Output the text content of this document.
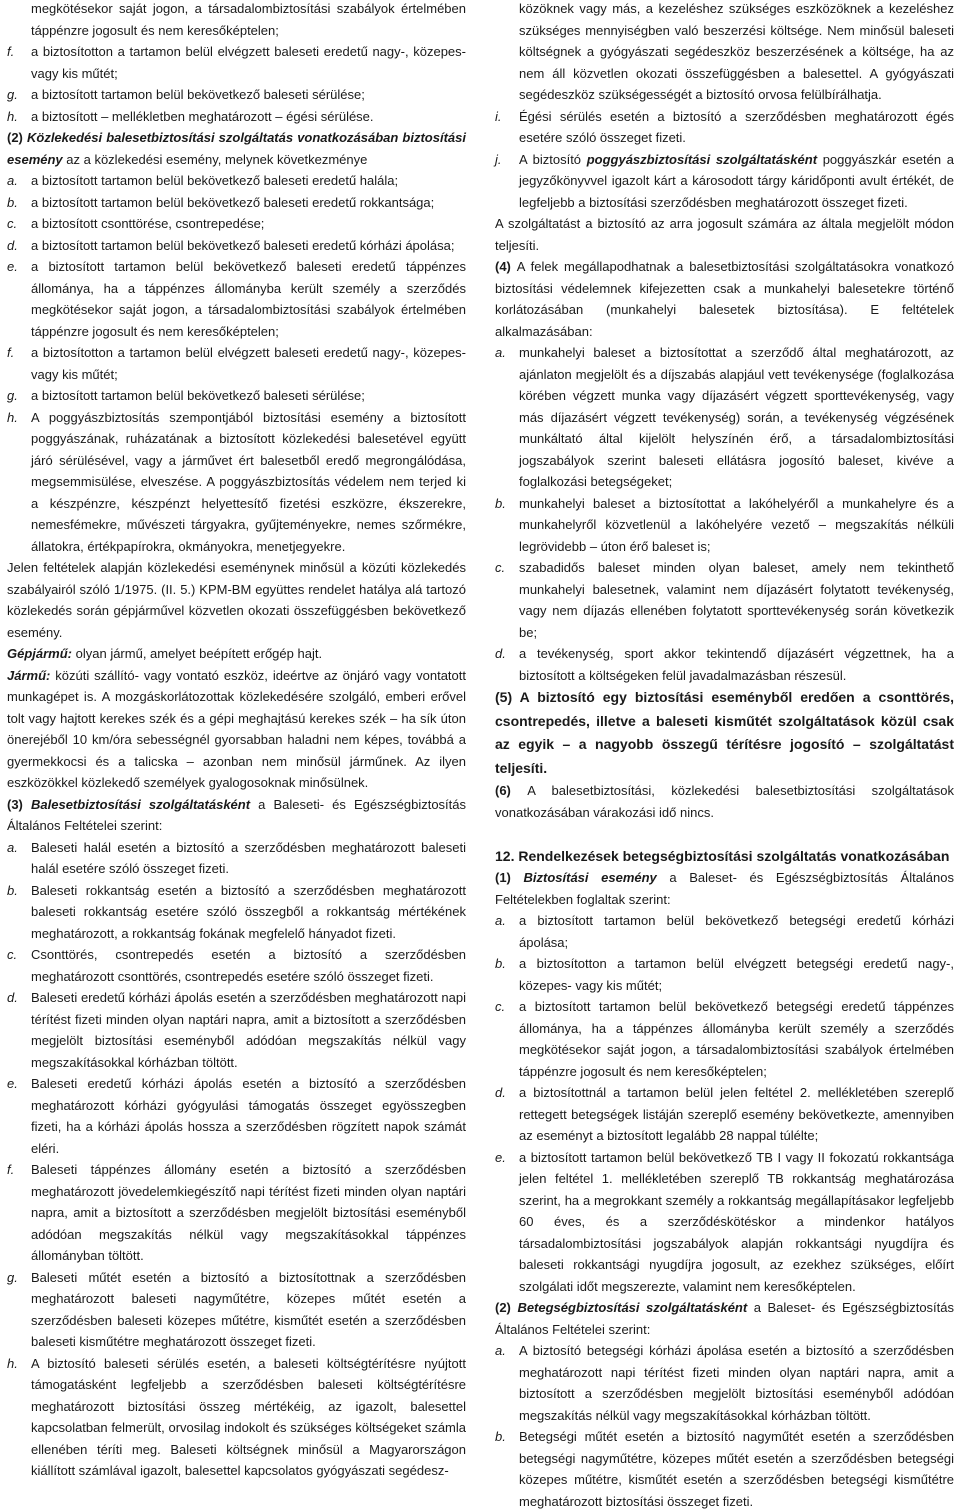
megkötésekor saját jogon, a társadalombiztosítási szabályok értelmében táppénzre jogosult és nem keresőképtelen;
f. a biztosítotton a tartamon belül elvégzett baleseti eredetű nagy-, közepes- vagy kis műtét;
g. a biztosított tartamon belül bekövetkező baleseti sérülése;
h. a biztosított – mellékletben meghatározott – égési sérülése.

(2) Közlekedési balesetbiztosítási szolgáltatás vonatkozásában biztosítási esemény az a közlekedési esemény, melynek következménye

a. a biztosított tartamon belül bekövetkező baleseti eredetű halála;
b. a biztosított tartamon belül bekövetkező baleseti eredetű rokkantsága;
c. a biztosított csonttörése, csontrepedése;
d. a biztosított tartamon belül bekövetkező baleseti eredetű kórházi ápolása;
e. a biztosított tartamon belül bekövetkező baleseti eredetű táppénzes állománya, ha a táppénzes állományba került személy a szerződés megkötésekor saját jogon, a társadalombiztosítási szabályok értelmében táppénzre jogosult és nem keresőképtelen;
f. a biztosítotton a tartamon belül elvégzett baleseti eredetű nagy-, közepes- vagy kis műtét;
g. a biztosított tartamon belül bekövetkező baleseti sérülése;
h. A poggyászbiztosítás szempontjából biztosítási esemény a biztosított poggyászának, ruházatának a biztosított közlekedési balesetével együtt járó sérülésével, vagy a járművet ért balesetből eredő megrongálódása, megsemmisülése, elveszése. A poggyászbiztosítás védelem nem terjed ki a készpénzre, készpénzt helyettesítő fizetési eszközre, ékszerekre, nemesfémekre, művészeti tárgyakra, gyűjteményekre, nemes szőrmékre, állatokra, értékpapírokra, okmányokra, menetjegyekre.

Jelen feltételek alapján közlekedési eseménynek minősül a közúti közlekedés szabályairól szóló 1/1975. (II. 5.) KPM-BM együttes rendelet hatálya alá tartozó közlekedés során gépjárművel közvetlen okozati összefüggésben bekövetkező esemény.

Gépjármű: olyan jármű, amelyet beépített erőgép hajt.

Jármű: közúti szállító- vagy vontató eszköz, ideértve az önjáró vagy vontatott munkagépet is. A mozgáskorlátozottak közlekedésére szolgáló, emberi erővel tolt vagy hajtott kerekes szék és a gépi meghajtású kerekes szék – ha sík úton önerejéből 10 km/óra sebességnél gyorsabban haladni nem képes, továbbá a gyermekkocsi és a talicska – azonban nem minősül járműnek. Az ilyen eszközökkel közlekedő személyek gyalogosoknak minősülnek.

(3) Balesetbiztosítási szolgáltatásként a Baleseti- és Egészségbiztosítás Általános Feltételei szerint:

a. Baleseti halál esetén a biztosító a szerződésben meghatározott baleseti halál esetére szóló összeget fizeti.
b. Baleseti rokkantság esetén a biztosító a szerződésben meghatározott baleseti rokkantság esetére szóló összegből a rokkantság mértékének meghatározott, a rokkantság fokának megfelelő hányadot fizeti.
c. Csonttörés, csontrepedés esetén a biztosító a szerződésben meghatározott csonttörés, csontrepedés esetére szóló összeget fizeti.
d. Baleseti eredetű kórházi ápolás esetén a szerződésben meghatározott napi térítést fizeti minden olyan naptári napra, amit a biztosított a szerződésben megjelölt biztosítási eseményből adódóan megszakítás nélkül vagy megszakításokkal kórházban töltött.
e. Baleseti eredetű kórházi ápolás esetén a biztosító a szerződésben meghatározott kórházi gyógyulási támogatás összeget egyösszegben fizeti, ha a kórházi ápolás hossza a szerződésben rögzített napok számát eléri.
f. Baleseti táppénzes állomány esetén a biztosító a szerződésben meghatározott jövedelemkiegészítő napi térítést fizeti minden olyan naptári napra, amit a biztosított a szerződésben megjelölt biztosítási eseményből adódóan megszakítás nélkül vagy megszakításokkal táppénzes állományban töltött.
g. Baleseti műtét esetén a biztosító a biztosítottnak a szerződésben meghatározott baleseti nagyműtétre, közepes műtét esetén a szerződésben baleseti közepes műtétre, kisműtét esetén a szerződésben baleseti kisműtétre meghatározott összeget fizeti.
h. A biztosító baleseti sérülés esetén, a baleseti költségtérítésre nyújtott támogatásként legfeljebb a szerződésben baleseti költségtérítésre meghatározott biztosítási összeg mértékéig, az igazolt, balesettel kapcsolatban felmerült, orvosilag indokolt és szükséges költségeket számla ellenében téríti meg. Baleseti költségnek minősül a Magyarországon kiállított számlával igazolt, balesettel kapcsolatos gyógyászati segédesz-
közöknek vagy más, a kezeléshez szükséges eszközöknek a kezeléshez szükséges mennyiségben való beszerzési költsége. Nem minősül baleseti költségnek a gyógyászati segédeszköz beszerzésének a költsége, ha az nem áll közvetlen okozati összefüggésben a balesettel. A gyógyászati segédeszköz szükségességét a biztosító orvosa felülbírálhatja.
i. Égési sérülés esetén a biztosító a szerződésben meghatározott égés esetére szóló összeget fizeti.
j. A biztosító poggyászbiztosítási szolgáltatásként poggyászkár esetén a jegyzőkönyvvel igazolt kárt a károsodott tárgy káridőponti avult értékét, de legfeljebb a biztosítási szerződésben meghatározott összeget fizeti.

A szolgáltatást a biztosító az arra jogosult számára az általa megjelölt módon teljesíti.

(4) A felek megállapodhatnak a balesetbiztosítási szolgáltatásokra vonatkozó biztosítási védelemnek kifejezetten csak a munkahelyi balesetekre történő korlátozásában (munkahelyi balesetek biztosítása). E feltételek alkalmazásában:

a. munkahelyi baleset a biztosítottat a szerződő által meghatározott, az ajánlaton megjelölt és a díjszabás alapjául vett tevékenysége (foglalkozása körében végzett munka vagy díjazásért végzett sporttevékenység, vagy más díjazásért végzett tevékenység) során, a tevékenység végzésének munkáltató által kijelölt helyszínén érő, a társadalombiztosítási jogszabályok szerint baleseti ellátásra jogosító baleset, kivéve a foglalkozási betegségeket;
b. munkahelyi baleset a biztosítottat a lakóhelyéről a munkahelyre és a munkahelyről közvetlenül a lakóhelyére vezető – megszakítás nélküli legrövidebb – úton érő baleset is;
c. szabadidős baleset minden olyan baleset, amely nem tekinthető munkahelyi balesetnek, valamint nem díjazásért folytatott tevékenység, vagy nem díjazás ellenében folytatott sporttevékenység során következik be;
d. a tevékenység, sport akkor tekintendő díjazásért végzettnek, ha a biztosított a költségeken felül javadalmazásban részesül.

(5) A biztosító egy biztosítási eseményből eredően a csonttörés, csontrepedés, illetve a baleseti kisműtét szolgáltatások közül csak az egyik – a nagyobb összegű térítésre jogosító – szolgáltatást teljesíti.

(6) A balesetbiztosítási, közlekedési balesetbiztosítási szolgáltatások vonatkozásában várakozási idő nincs.

12. Rendelkezések betegségbiztosítási szolgáltatás vonatkozásában

(1) Biztosítási esemény a Baleset- és Egészségbiztosítás Általános Feltételekben foglaltak szerint:

a. a biztosított tartamon belül bekövetkező betegségi eredetű kórházi ápolása;
b. a biztosítotton a tartamon belül elvégzett betegségi eredetű nagy-, közepes- vagy kis műtét;
c. a biztosított tartamon belül bekövetkező betegségi eredetű táppénzes állománya, ha a táppénzes állományba került személy a szerződés megkötésekor saját jogon, a társadalombiztosítási szabályok értelmében táppénzre jogosult és nem keresőképtelen;
d. a biztosítottnál a tartamon belül jelen feltétel 2. mellékletében szereplő rettegett betegségek listáján szereplő esemény bekövetkezte, amennyiben az eseményt a biztosított legalább 28 nappal túlélte;
e. a biztosított tartamon belül bekövetkező TB I vagy II fokozatú rokkantsága jelen feltétel 1. mellékletében szereplő TB rokkantság meghatározása szerint, ha a megrokkant személy a rokkantság megállapításakor legfeljebb 60 éves, és a szerződéskötéskor a mindenkor hatályos társadalombiztosítási jogszabályok alapján rokkantsági nyugdíjra és baleseti rokkantsági nyugdíjra jogosult, az ezekhez szükséges, előírt szolgálati időt megszerezte, valamint nem keresőképtelen.

(2) Betegségbiztosítási szolgáltatásként a Baleset- és Egészségbiztosítás Általános Feltételei szerint:

a. A biztosító betegségi kórházi ápolása esetén a biztosító a szerződésben meghatározott napi térítést fizeti minden olyan naptári napra, amit a biztosított a szerződésben megjelölt biztosítási eseményből adódóan megszakítás nélkül vagy megszakításokkal kórházban töltött.
b. Betegségi műtét esetén a biztosító nagyműtét esetén a szerződésben betegségi nagyműtétre, közepes műtét esetén a szerződésben betegségi közepes műtétre, kisműtét esetén a szerződésben betegségi kisműtétre meghatározott biztosítási összeget fizeti.
